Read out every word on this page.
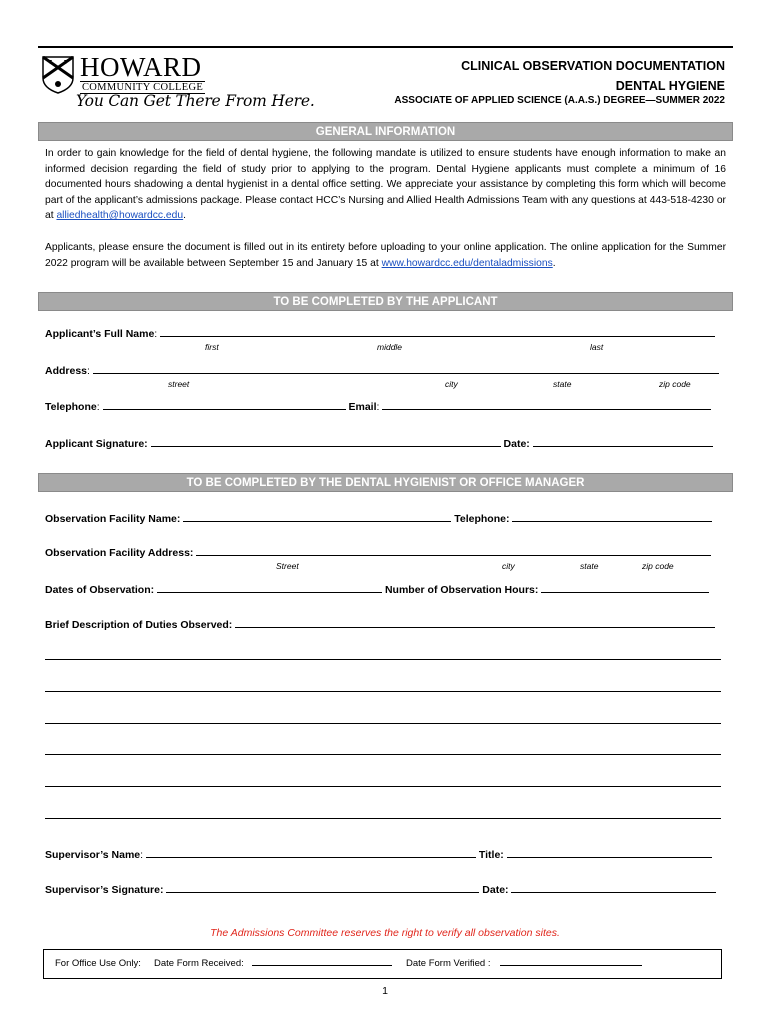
HOWARD
COMMUNITY COLLEGE
You Can Get There From Here.
CLINICAL OBSERVATION DOCUMENTATION
DENTAL HYGIENE
ASSOCIATE OF APPLIED SCIENCE (A.A.S.) DEGREE—SUMMER 2022
GENERAL INFORMATION
In order to gain knowledge for the field of dental hygiene, the following mandate is utilized to ensure students have enough information to make an informed decision regarding the field of study prior to applying to the program. Dental Hygiene applicants must complete a minimum of 16 documented hours shadowing a dental hygienist in a dental office setting. We appreciate your assistance by completing this form which will become part of the applicant’s admissions package. Please contact HCC’s Nursing and Allied Health Admissions Team with any questions at 443-518-4230 or at alliedhealth@howardcc.edu.
Applicants, please ensure the document is filled out in its entirety before uploading to your online application. The online application for the Summer 2022 program will be available between September 15 and January 15 at www.howardcc.edu/dentaladmissions.
TO BE COMPLETED BY THE APPLICANT
Applicant’s Full Name:
first	middle	last
Address:
street	city	state	zip code
Telephone:	Email:
Applicant Signature:	Date:
TO BE COMPLETED BY THE DENTAL HYGIENIST OR OFFICE MANAGER
Observation Facility Name:	Telephone:
Observation Facility Address:
Street	city	state	zip code
Dates of Observation:	Number of Observation Hours:
Brief Description of Duties Observed:
Supervisor’s Name:	Title:
Supervisor’s Signature:	Date:
The Admissions Committee reserves the right to verify all observation sites.
For Office Use Only: Date Form Received:	Date Form Verified :
1
